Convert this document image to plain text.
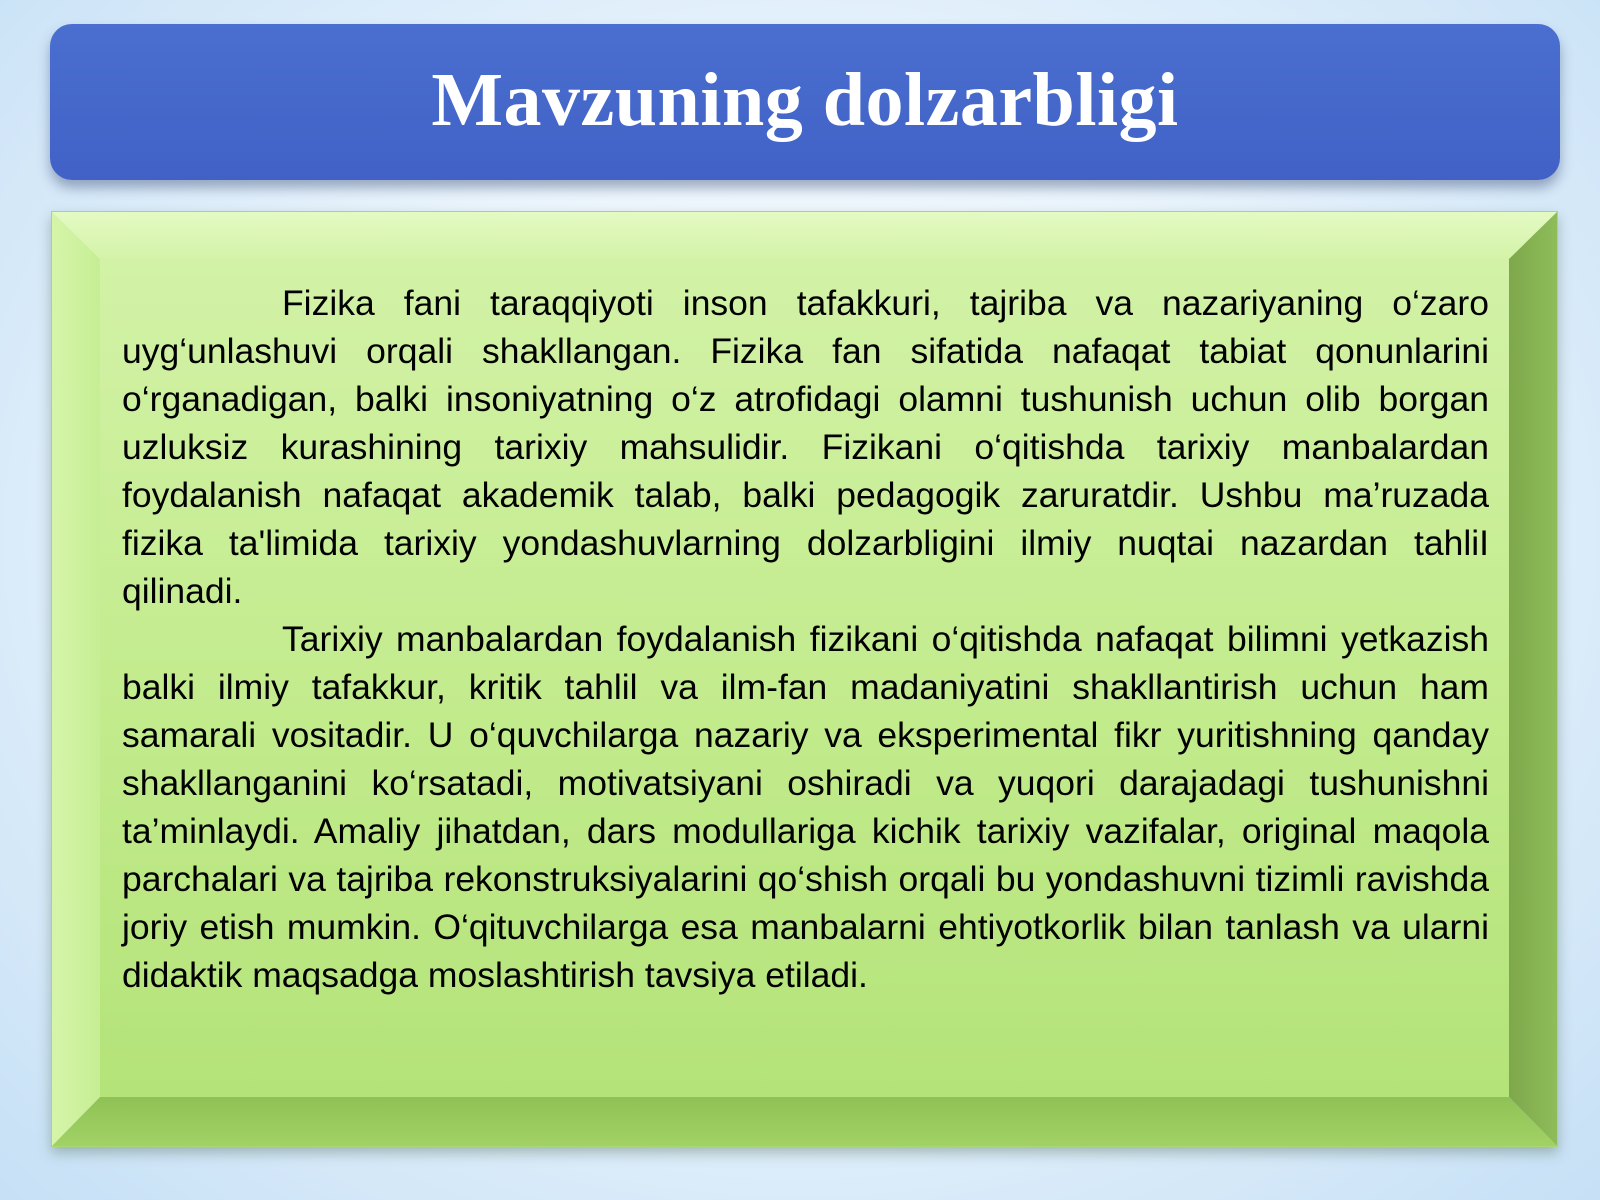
Mavzuning dolzarbligi

Fizika fani taraqqiyoti inson tafakkuri, tajriba va nazariyaning o‘zaro uyg‘unlashuvi orqali shakllangan. Fizika fan sifatida nafaqat tabiat qonunlarini o‘rganadigan, balki insoniyatning o‘z atrofidagi olamni tushunish uchun olib borgan uzluksiz kurashining tarixiy mahsulidir. Fizikani o‘qitishda tarixiy manbalardan foydalanish nafaqat akademik talab, balki pedagogik zaruratdir. Ushbu ma’ruzada fizika ta'limida tarixiy yondashuvlarning dolzarbligini ilmiy nuqtai nazardan tahliI qilinadi.

Tarixiy manbalardan foydalanish fizikani o‘qitishda nafaqat bilimni yetkazish balki ilmiy tafakkur, kritik tahlil va ilm-fan madaniyatini shakllantirish uchun ham samarali vositadir. U o‘quvchilarga nazariy va eksperimental fikr yuritishning qanday shakllanganini ko‘rsatadi, motivatsiyani oshiradi va yuqori darajadagi tushunishni ta’minlaydi. Amaliy jihatdan, dars modullariga kichik tarixiy vazifalar, original maqola parchalari va tajriba rekonstruksiyalarini qo‘shish orqali bu yondashuvni tizimli ravishda joriy etish mumkin. O‘qituvchilarga esa manbalarni ehtiyotkorlik bilan tanlash va ularni didaktik maqsadga moslashtirish tavsiya etiladi.
